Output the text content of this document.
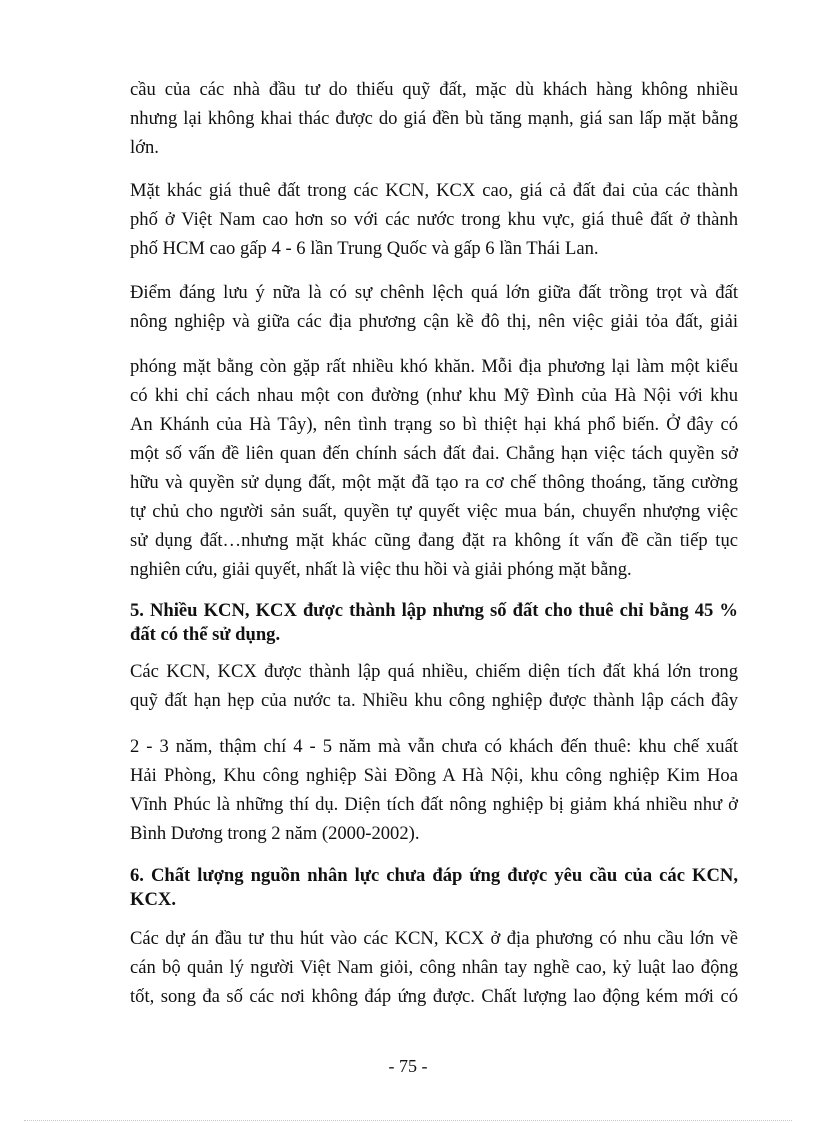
cầu của các nhà đầu tư do thiếu quỹ đất, mặc dù khách hàng không nhiều
nhưng lại không khai thác được do giá đền bù tăng mạnh, giá san lấp mặt bằng
lớn.
Mặt khác giá thuê đất trong các KCN, KCX cao, giá cả đất đai của các thành
phố ở Việt Nam cao hơn so với các nước trong khu vực, giá thuê đất ở thành
phố HCM cao gấp 4 - 6 lần Trung Quốc và gấp 6 lần Thái Lan.
Điểm đáng lưu ý nữa là có sự chênh lệch quá lớn giữa đất trồng trọt và đất
nông nghiệp và giữa các địa phương cận kề đô thị, nên việc giải tỏa đất, giải
phóng mặt bằng còn gặp rất nhiều khó khăn. Mỗi địa phương lại làm một kiểu
có khi chỉ cách nhau một con đường (như khu Mỹ Đình của Hà Nội với khu
An Khánh của Hà Tây), nên tình trạng so bì thiệt hại khá phổ biến. Ở đây có
một số vấn đề liên quan đến chính sách đất đai. Chẳng hạn việc tách quyền sở
hữu và quyền sử dụng đất, một mặt đã tạo ra cơ chế thông thoáng, tăng cường
tự chủ cho người sản suất, quyền tự quyết việc mua bán, chuyển nhượng việc
sử dụng đất…nhưng mặt khác cũng đang đặt ra không ít vấn đề cần tiếp tục
nghiên cứu, giải quyết, nhất là việc thu hồi và giải phóng mặt bằng.
5. Nhiều KCN, KCX được thành lập nhưng số đất cho thuê chỉ bằng 45 %
đất có thể sử dụng.
Các KCN, KCX được thành lập quá nhiều, chiếm diện tích đất khá lớn trong
quỹ đất hạn hẹp của nước ta. Nhiều khu công nghiệp được thành lập cách đây
2 - 3 năm, thậm chí 4 - 5 năm mà vẫn chưa có khách đến thuê: khu chế xuất
Hải Phòng, Khu công nghiệp Sài Đồng A Hà Nội, khu công nghiệp Kim Hoa
Vĩnh Phúc là những thí dụ. Diện tích đất nông nghiệp bị giảm khá nhiều như ở
Bình Dương trong 2 năm (2000-2002).
6. Chất lượng nguồn nhân lực chưa đáp ứng được yêu cầu của các KCN,
KCX.
Các dự án đầu tư thu hút vào các KCN, KCX ở địa phương có nhu cầu lớn về
cán bộ quản lý người Việt Nam giỏi, công nhân tay nghề cao, kỷ luật lao động
tốt, song đa số các nơi không đáp ứng được. Chất lượng lao động kém mới có
- 75 -
